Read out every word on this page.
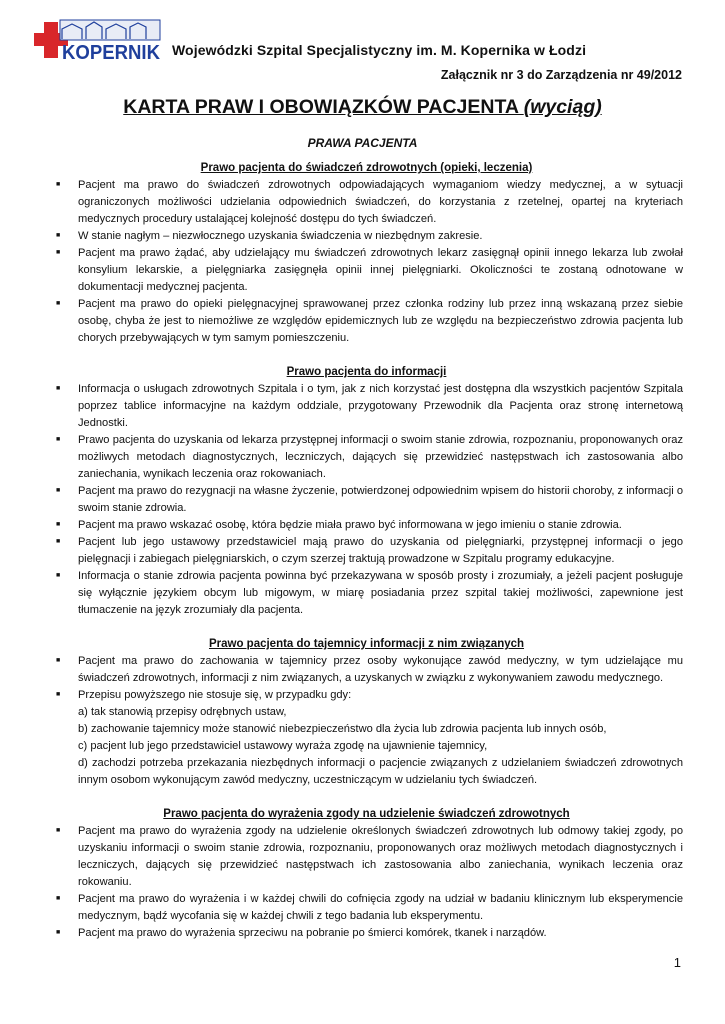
KOPERNIK Wojewódzki Szpital Specjalistyczny im. M. Kopernika w Łodzi
Załącznik nr 3 do Zarządzenia nr 49/2012
KARTA PRAW I OBOWIĄZKÓW PACJENTA (wyciąg)
PRAWA PACJENTA
Prawo pacjenta do świadczeń zdrowotnych (opieki, leczenia)
■ Pacjent ma prawo do świadczeń zdrowotnych odpowiadających wymaganiom wiedzy medycznej, a w sytuacji ograniczonych możliwości udzielania odpowiednich świadczeń, do korzystania z rzetelnej, opartej na kryteriach medycznych procedury ustalającej kolejność dostępu do tych świadczeń.
■ W stanie nagłym – niezwłocznego uzyskania świadczenia w niezbędnym zakresie.
■ Pacjent ma prawo żądać, aby udzielający mu świadczeń zdrowotnych lekarz zasięgnął opinii innego lekarza lub zwołał konsylium lekarskie, a pielęgniarka zasięgnęła opinii innej pielęgniarki. Okoliczności te zostaną odnotowane w dokumentacji medycznej pacjenta.
■ Pacjent ma prawo do opieki pielęgnacyjnej sprawowanej przez członka rodziny lub przez inną wskazaną przez siebie osobę, chyba że jest to niemożliwe ze względów epidemicznych lub ze względu na bezpieczeństwo zdrowia pacjenta lub chorych przebywających w tym samym pomieszczeniu.
Prawo pacjenta do informacji
■ Informacja o usługach zdrowotnych Szpitala i o tym, jak z nich korzystać jest dostępna dla wszystkich pacjentów Szpitala poprzez tablice informacyjne na każdym oddziale, przygotowany Przewodnik dla Pacjenta oraz stronę internetową Jednostki.
■ Prawo pacjenta do uzyskania od lekarza przystępnej informacji o swoim stanie zdrowia, rozpoznaniu, proponowanych oraz możliwych metodach diagnostycznych, leczniczych, dających się przewidzieć następstwach ich zastosowania albo zaniechania, wynikach leczenia oraz rokowaniach.
■ Pacjent ma prawo do rezygnacji na własne życzenie, potwierdzonej odpowiednim wpisem do historii choroby, z informacji o swoim stanie zdrowia.
■ Pacjent ma prawo wskazać osobę, która będzie miała prawo być informowana w jego imieniu o stanie zdrowia.
■ Pacjent lub jego ustawowy przedstawiciel mają prawo do uzyskania od pielęgniarki, przystępnej informacji o jego pielęgnacji i zabiegach pielęgniarskich, o czym szerzej traktują prowadzone w Szpitalu programy edukacyjne.
■ Informacja o stanie zdrowia pacjenta powinna być przekazywana w sposób prosty i zrozumiały, a jeżeli pacjent posługuje się wyłącznie językiem obcym lub migowym, w miarę posiadania przez szpital takiej możliwości, zapewnione jest tłumaczenie na język zrozumiały dla pacjenta.
Prawo pacjenta do tajemnicy informacji z nim związanych
■ Pacjent ma prawo do zachowania w tajemnicy przez osoby wykonujące zawód medyczny, w tym udzielające mu świadczeń zdrowotnych, informacji z nim związanych, a uzyskanych w związku z wykonywaniem zawodu medycznego.
■ Przepisu powyższego nie stosuje się, w przypadku gdy:
a) tak stanowią przepisy odrębnych ustaw,
b) zachowanie tajemnicy może stanowić niebezpieczeństwo dla życia lub zdrowia pacjenta lub innych osób,
c) pacjent lub jego przedstawiciel ustawowy wyraża zgodę na ujawnienie tajemnicy,
d) zachodzi potrzeba przekazania niezbędnych informacji o pacjencie związanych z udzielaniem świadczeń zdrowotnych innym osobom wykonującym zawód medyczny, uczestniczącym w udzielaniu tych świadczeń.
Prawo pacjenta do wyrażenia zgody na udzielenie świadczeń zdrowotnych
■ Pacjent ma prawo do wyrażenia zgody na udzielenie określonych świadczeń zdrowotnych lub odmowy takiej zgody, po uzyskaniu informacji o swoim stanie zdrowia, rozpoznaniu, proponowanych oraz możliwych metodach diagnostycznych i leczniczych, dających się przewidzieć następstwach ich zastosowania albo zaniechania, wynikach leczenia oraz rokowaniu.
■ Pacjent ma prawo do wyrażenia i w każdej chwili do cofnięcia zgody na udział w badaniu klinicznym lub eksperymencie medycznym, bądź wycofania się w każdej chwili z tego badania lub eksperymentu.
■ Pacjent ma prawo do wyrażenia sprzeciwu na pobranie po śmierci komórek, tkanek i narządów.
1
